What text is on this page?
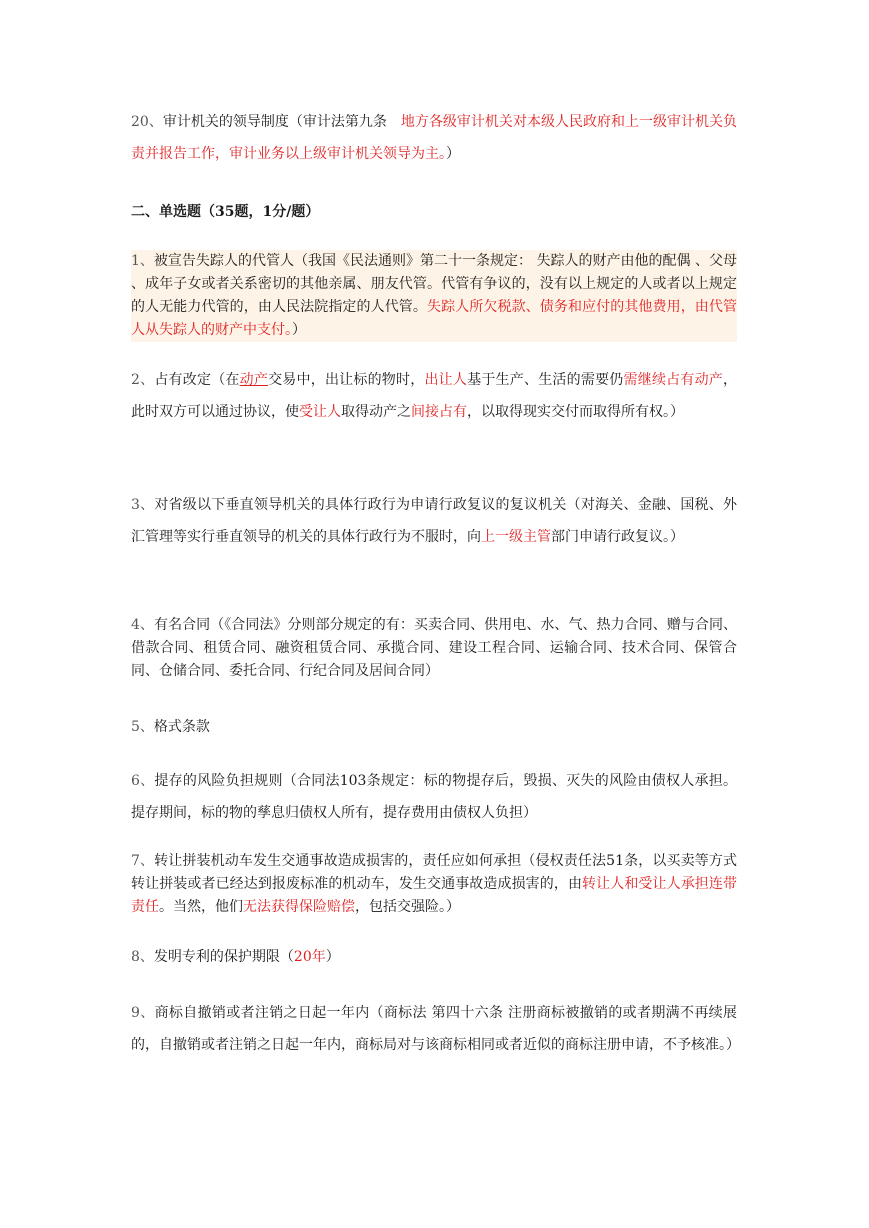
20、审计机关的领导制度（审计法第九条　地方各级审计机关对本级人民政府和上一级审计机关负责并报告工作，审计业务以上级审计机关领导为主。）

二、单选题（35题，1分/题）

1、被宣告失踪人的代管人（我国《民法通则》第二十一条规定： 失踪人的财产由他的配偶 、父母 、成年子女或者关系密切的其他亲属、朋友代管。代管有争议的，没有以上规定的人或者以上规定的人无能力代管的，由人民法院指定的人代管。失踪人所欠税款、债务和应付的其他费用，由代管人从失踪人的财产中支付。）

2、占有改定（在动产交易中，出让标的物时，出让人基于生产、生活的需要仍需继续占有动产，此时双方可以通过协议，使受让人取得动产之间接占有，以取得现实交付而取得所有权。）

3、对省级以下垂直领导机关的具体行政行为申请行政复议的复议机关（对海关、金融、国税、外汇管理等实行垂直领导的机关的具体行政行为不服时，向上一级主管部门申请行政复议。）

4、有名合同（《合同法》分则部分规定的有：买卖合同、供用电、水、气、热力合同、赠与合同、借款合同、租赁合同、融资租赁合同、承揽合同、建设工程合同、运输合同、技术合同、保管合同、仓储合同、委托合同、行纪合同及居间合同）

5、格式条款

6、提存的风险负担规则（合同法103条规定：标的物提存后，毁损、灭失的风险由债权人承担。提存期间，标的物的孳息归债权人所有，提存费用由债权人负担）

7、转让拼装机动车发生交通事故造成损害的，责任应如何承担（侵权责任法51条，以买卖等方式转让拼装或者已经达到报废标准的机动车，发生交通事故造成损害的，由转让人和受让人承担连带责任。当然，他们无法获得保险赔偿，包括交强险。）

8、发明专利的保护期限（20年）

9、商标自撤销或者注销之日起一年内（商标法 第四十六条 注册商标被撤销的或者期满不再续展的，自撤销或者注销之日起一年内，商标局对与该商标相同或者近似的商标注册申请，不予核准。）
